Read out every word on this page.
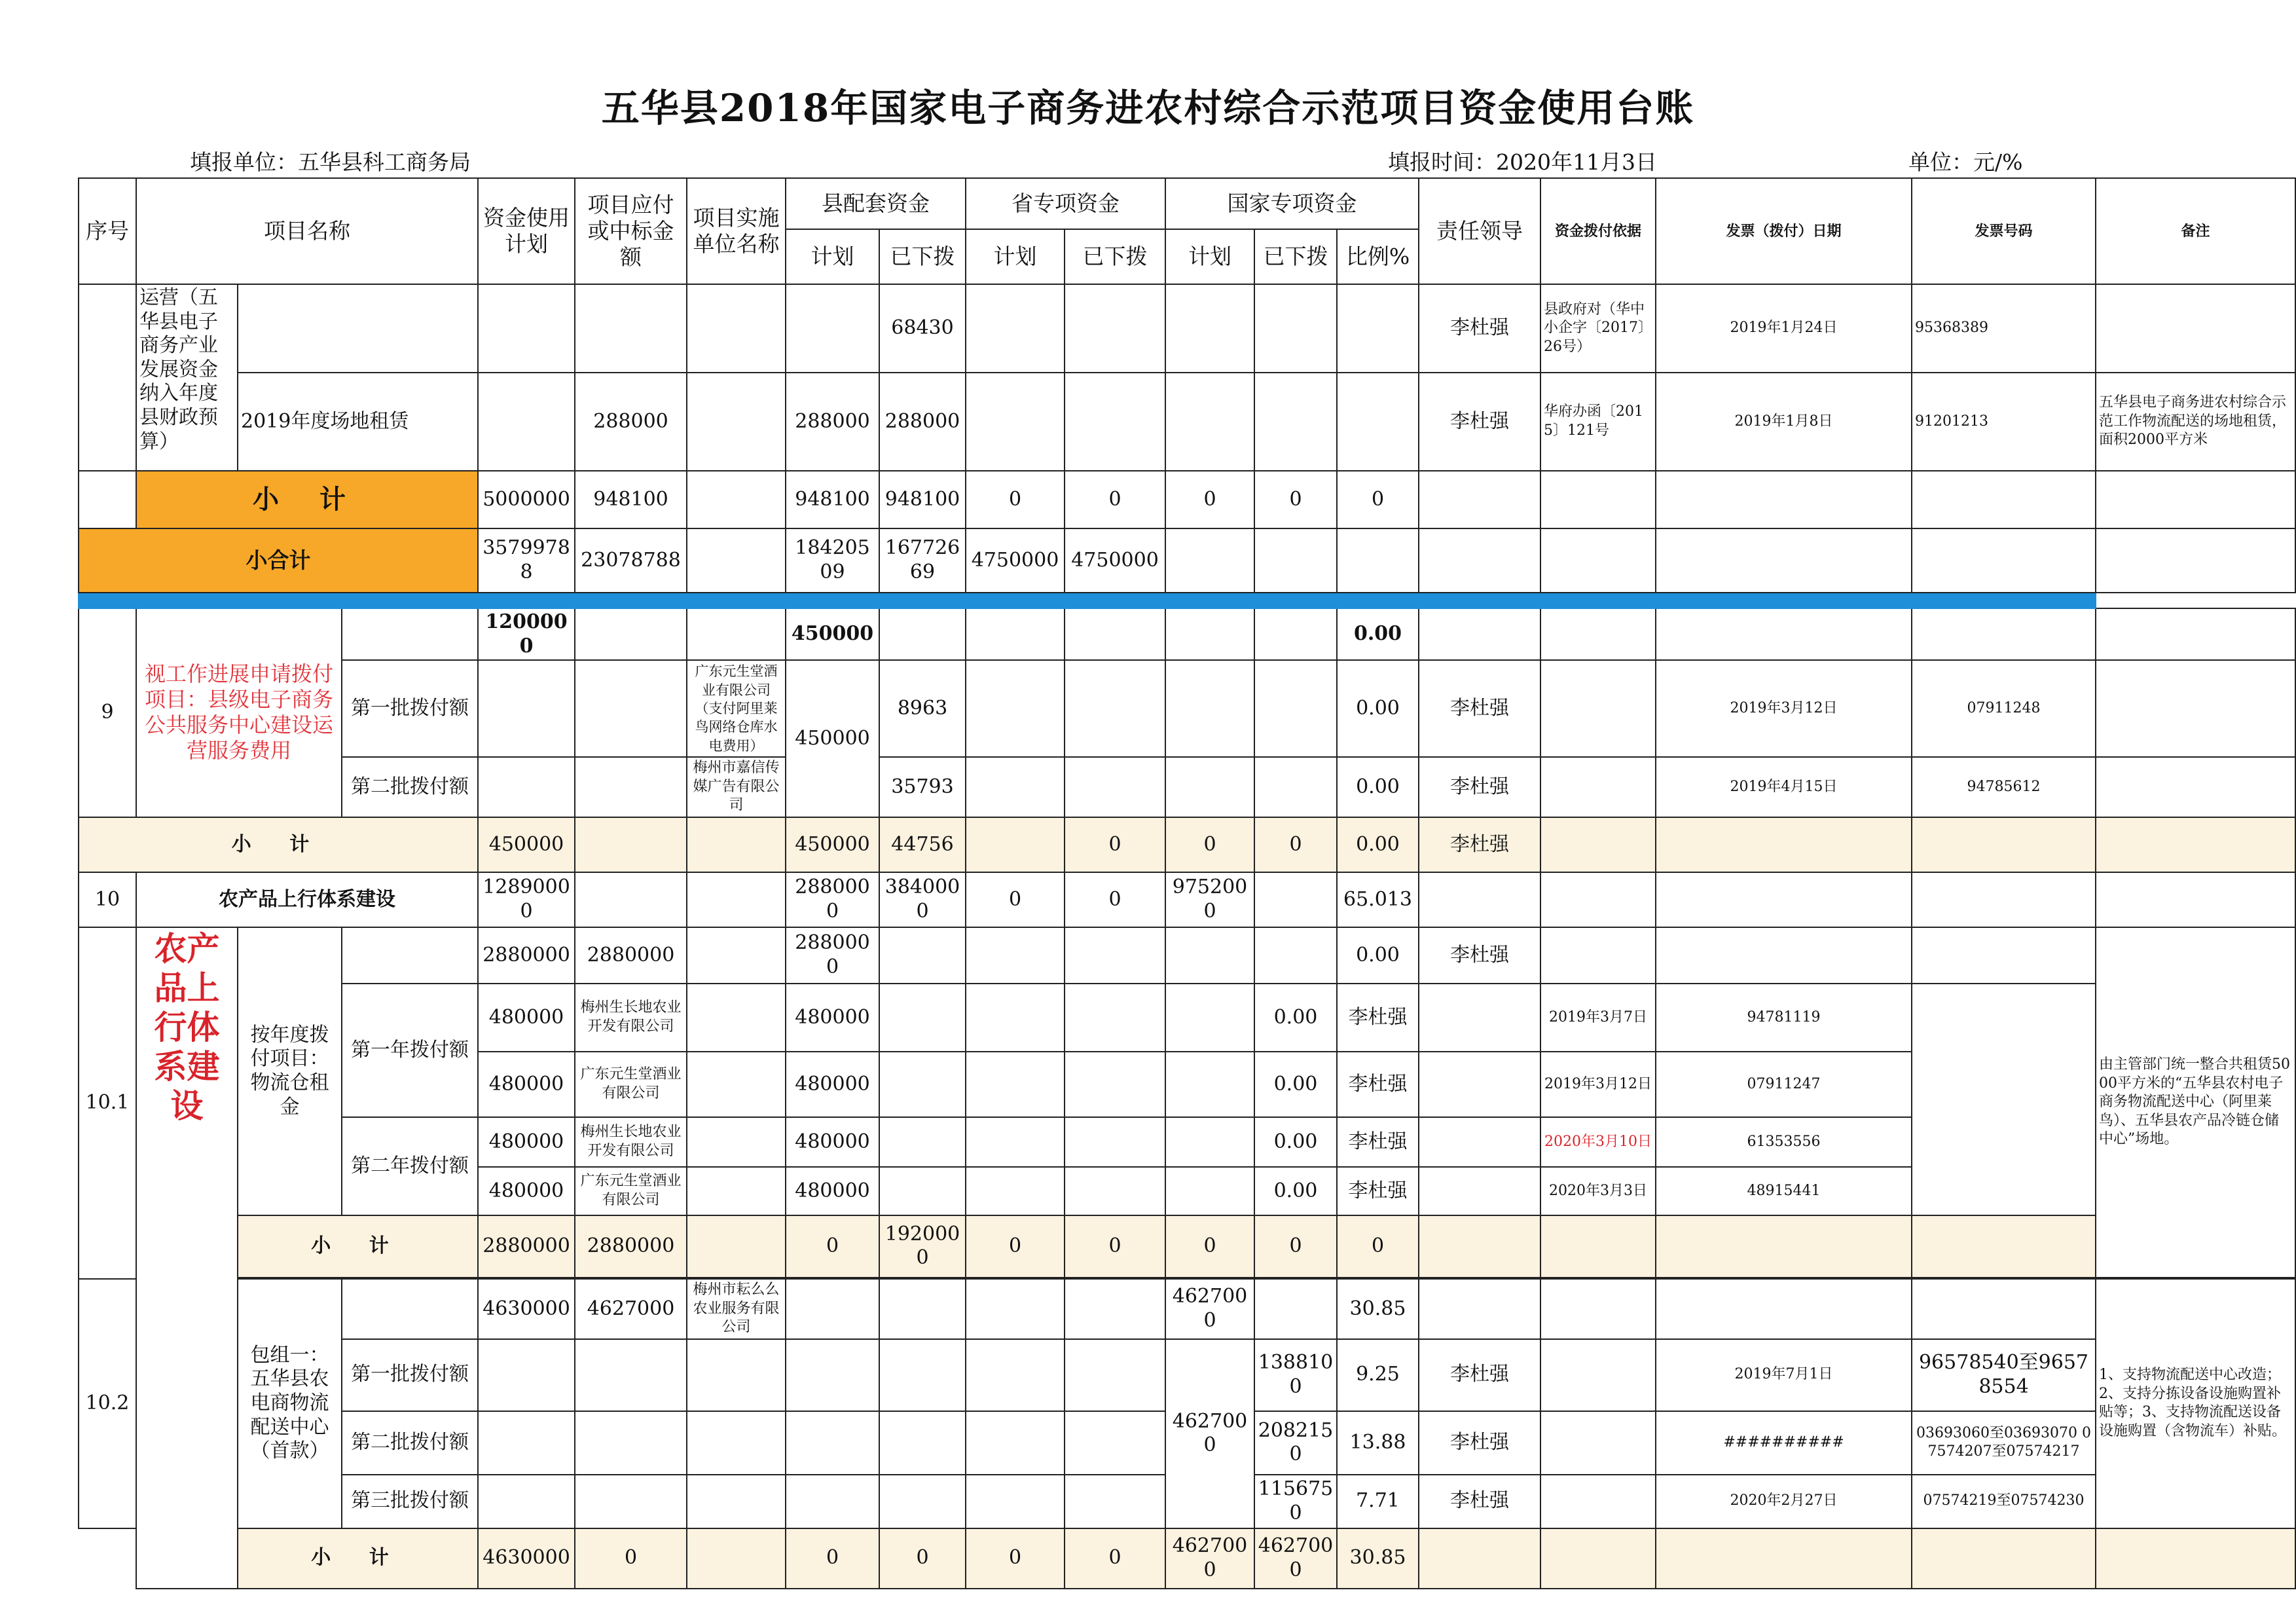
五华县2018年国家电子商务进农村综合示范项目资金使用台账
填报单位：五华县科工商务局	填报时间：2020年11月3日	单位：元/%
序号	项目名称			资金使用计划	项目应付或中标金额	项目实施单位名称	县配套资金		省专项资金		国家专项资金			责任领导	资金拨付依据	发票（拨付）日期	发票号码	备注
							计划	已下拨	计划	已下拨	计划	已下拨	比例%					
	运营（五华县电子商务产业发展资金纳入年度县财政预算）							68430						李杜强	县政府对（华中小企字〔2017〕26号）	2019年1月24日	95368389	
		2019年度场地租赁			288000		288000	288000						李杜强	华府办函〔2015〕121号	2019年1月8日	91201213	五华县电子商务进农村综合示范工作物流配送的场地租赁，面积2000平方米
	小 计			5000000	948100		948100	948100	0	0	0	0	0					
小合计				35799788	23078788		18420509	16772669	4750000	4750000								

9	视工作进展申请拨付项目：县级电子商务公共服务中心建设运营服务费用			1200000			450000						0.00					
			第一批拨付额			广东元生堂酒业有限公司（支付阿里莱鸟网络仓库水电费用）	450000	8963					0.00	李杜强		2019年3月12日	07911248	
			第二批拨付额			梅州市嘉信传媒广告有限公司		35793					0.00	李杜强		2019年4月15日	94785612	
小 计				450000			450000	44756		0	0	0	0.00	李杜强				
10	农产品上行体系建设			12890000			2880000	3840000	0	0	9752000		65.013					
10.1	农产品上行体系建设	按年度拨付项目：物流仓租金		2880000	2880000		2880000						0.00	李杜强				由主管部门统一整合共租赁5000平方米的“五华县农村电子商务物流配送中心（阿里莱鸟）、五华县农产品冷链仓储中心”场地。
			第一年拨付额	480000	梅州生长地农业开发有限公司		480000					0.00	李杜强		2019年3月7日	94781119		
				480000	广东元生堂酒业有限公司		480000					0.00	李杜强		2019年3月12日	07911247		
			第二年拨付额	480000	梅州生长地农业开发有限公司		480000					0.00	李杜强		2020年3月10日	61353556		
				480000	广东元生堂酒业有限公司		480000					0.00	李杜强		2020年3月3日	48915441		
		小 计		2880000	2880000		0	1920000	0	0	0	0	0					

10.2		包组一：五华县农电商物流配送中心（首款）		4630000	4627000	梅州市耘么么农业服务有限公司					4627000		30.85					1、支持物流配送中心改造；2、支持分拣设备设施购置补贴等；3、支持物流配送设备设施购置（含物流车）补贴。
			第一批拨付额								4627000	1388100	9.25	李杜强		2019年7月1日	96578540至96578554	
			第二批拨付额									2082150	13.88	李杜强		##########	03693060至03693070 07574207至07574217	
			第三批拨付额									1156750	7.71	李杜强		2020年2月27日	07574219至07574230	
		小 计		4630000	0		0	0	0	0	4627000	4627000	30.85					
